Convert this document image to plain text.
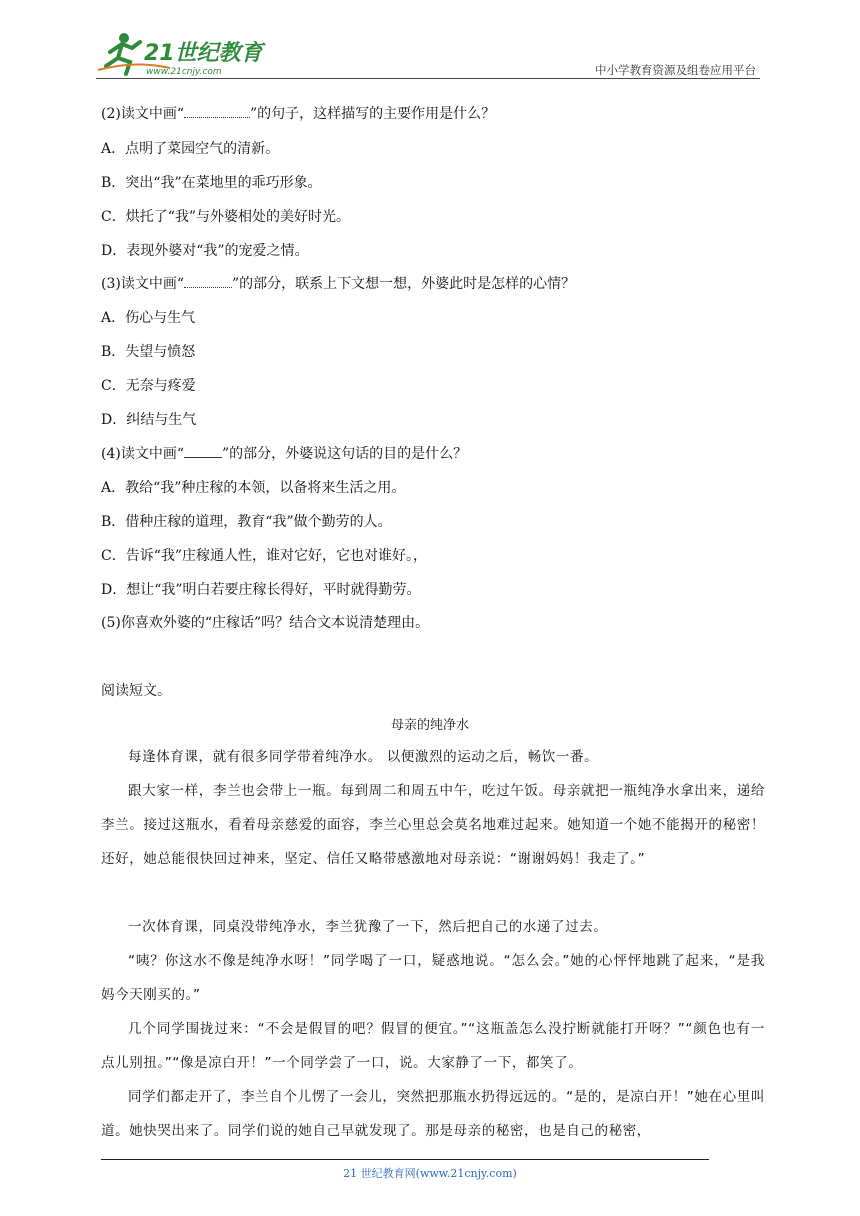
21世纪教育
www.21cnjy.com	中小学教育资源及组卷应用平台
(2)读文中画“	”的句子，这样描写的主要作用是什么？
A．点明了菜园空气的清新。
B．突出“我”在菜地里的乖巧形象。
C．烘托了“我”与外婆相处的美好时光。
D．表现外婆对“我”的宠爱之情。
(3)读文中画“	”的部分，联系上下文想一想，外婆此时是怎样的心情？
A．伤心与生气
B．失望与愤怒
C．无奈与疼爱
D．纠结与生气
(4)读文中画“	”的部分，外婆说这句话的目的是什么？
A．教给“我”种庄稼的本领，以备将来生活之用。
B．借种庄稼的道理，教育“我”做个勤劳的人。
C．告诉“我”庄稼通人性，谁对它好，它也对谁好。，
D．想让“我”明白若要庄稼长得好，平时就得勤劳。
(5)你喜欢外婆的“庄稼话”吗？结合文本说清楚理由。
阅读短文。
母亲的纯净水
每逢体育课，就有很多同学带着纯净水。 以便激烈的运动之后，畅饮一番。
跟大家一样，李兰也会带上一瓶。每到周二和周五中午，吃过午饭。母亲就把一瓶纯净水拿出来，递给李兰。接过这瓶水，看着母亲慈爱的面容，李兰心里总会莫名地难过起来。她知道一个她不能揭开的秘密！还好，她总能很快回过神来，坚定、信任又略带感激地对母亲说：“谢谢妈妈！我走了。”
一次体育课，同桌没带纯净水，李兰犹豫了一下，然后把自己的水递了过去。
“咦？你这水不像是纯净水呀！”同学喝了一口，疑惑地说。“怎么会。”她的心怦怦地跳了起来，“是我妈今天刚买的。”
几个同学围拢过来：“不会是假冒的吧？假冒的便宜。”“这瓶盖怎么没拧断就能打开呀？”“颜色也有一点儿别扭。”“像是凉白开！”一个同学尝了一口，说。大家静了一下，都笑了。
同学们都走开了，李兰自个儿愣了一会儿，突然把那瓶水扔得远远的。“是的，是凉白开！”她在心里叫道。她快哭出来了。同学们说的她自己早就发现了。那是母亲的秘密，也是自己的秘密，
21 世纪教育网(www.21cnjy.com)
